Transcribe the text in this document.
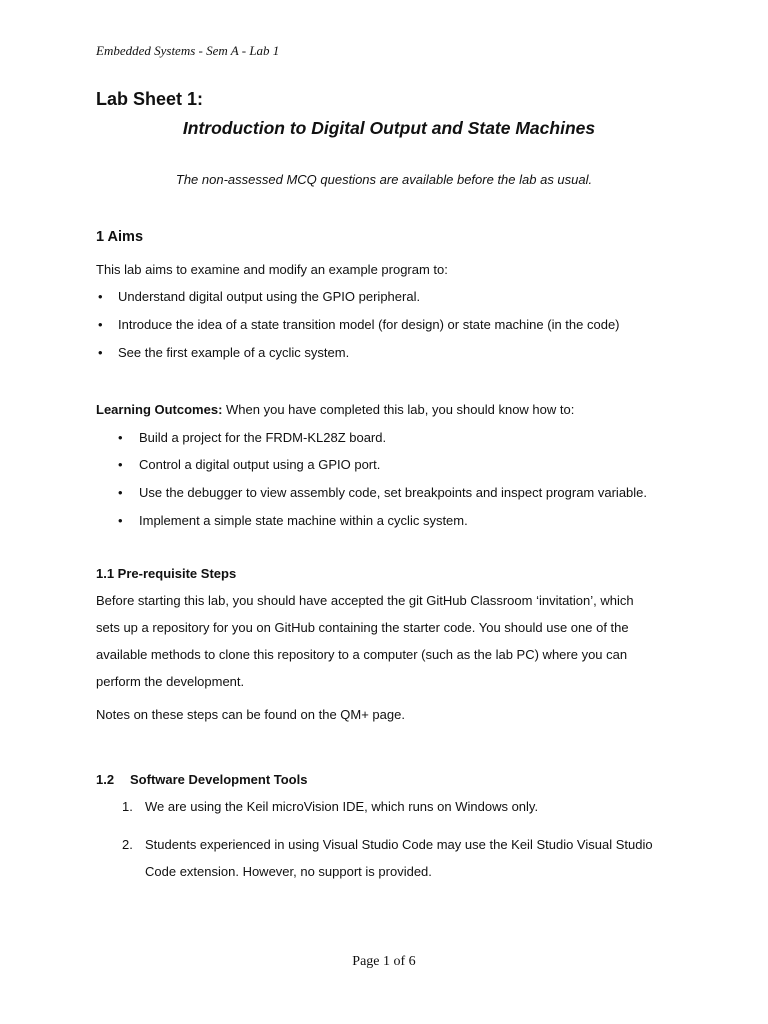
Embedded Systems - Sem A - Lab 1
Lab Sheet 1:
Introduction to Digital Output and State Machines
The non-assessed MCQ questions are available before the lab as usual.
1 Aims
This lab aims to examine and modify an example program to:
• Understand digital output using the GPIO peripheral.
• Introduce the idea of a state transition model (for design) or state machine (in the code)
• See the first example of a cyclic system.
Learning Outcomes: When you have completed this lab, you should know how to:
• Build a project for the FRDM-KL28Z board.
• Control a digital output using a GPIO port.
• Use the debugger to view assembly code, set breakpoints and inspect program variable.
• Implement a simple state machine within a cyclic system.
1.1 Pre-requisite Steps
Before starting this lab, you should have accepted the git GitHub Classroom ‘invitation’, which
sets up a repository for you on GitHub containing the starter code. You should use one of the
available methods to clone this repository to a computer (such as the lab PC) where you can
perform the development.
Notes on these steps can be found on the QM+ page.
1.2 Software Development Tools
1. We are using the Keil microVision IDE, which runs on Windows only.
2. Students experienced in using Visual Studio Code may use the Keil Studio Visual Studio
Code extension. However, no support is provided.
Page 1 of 6
